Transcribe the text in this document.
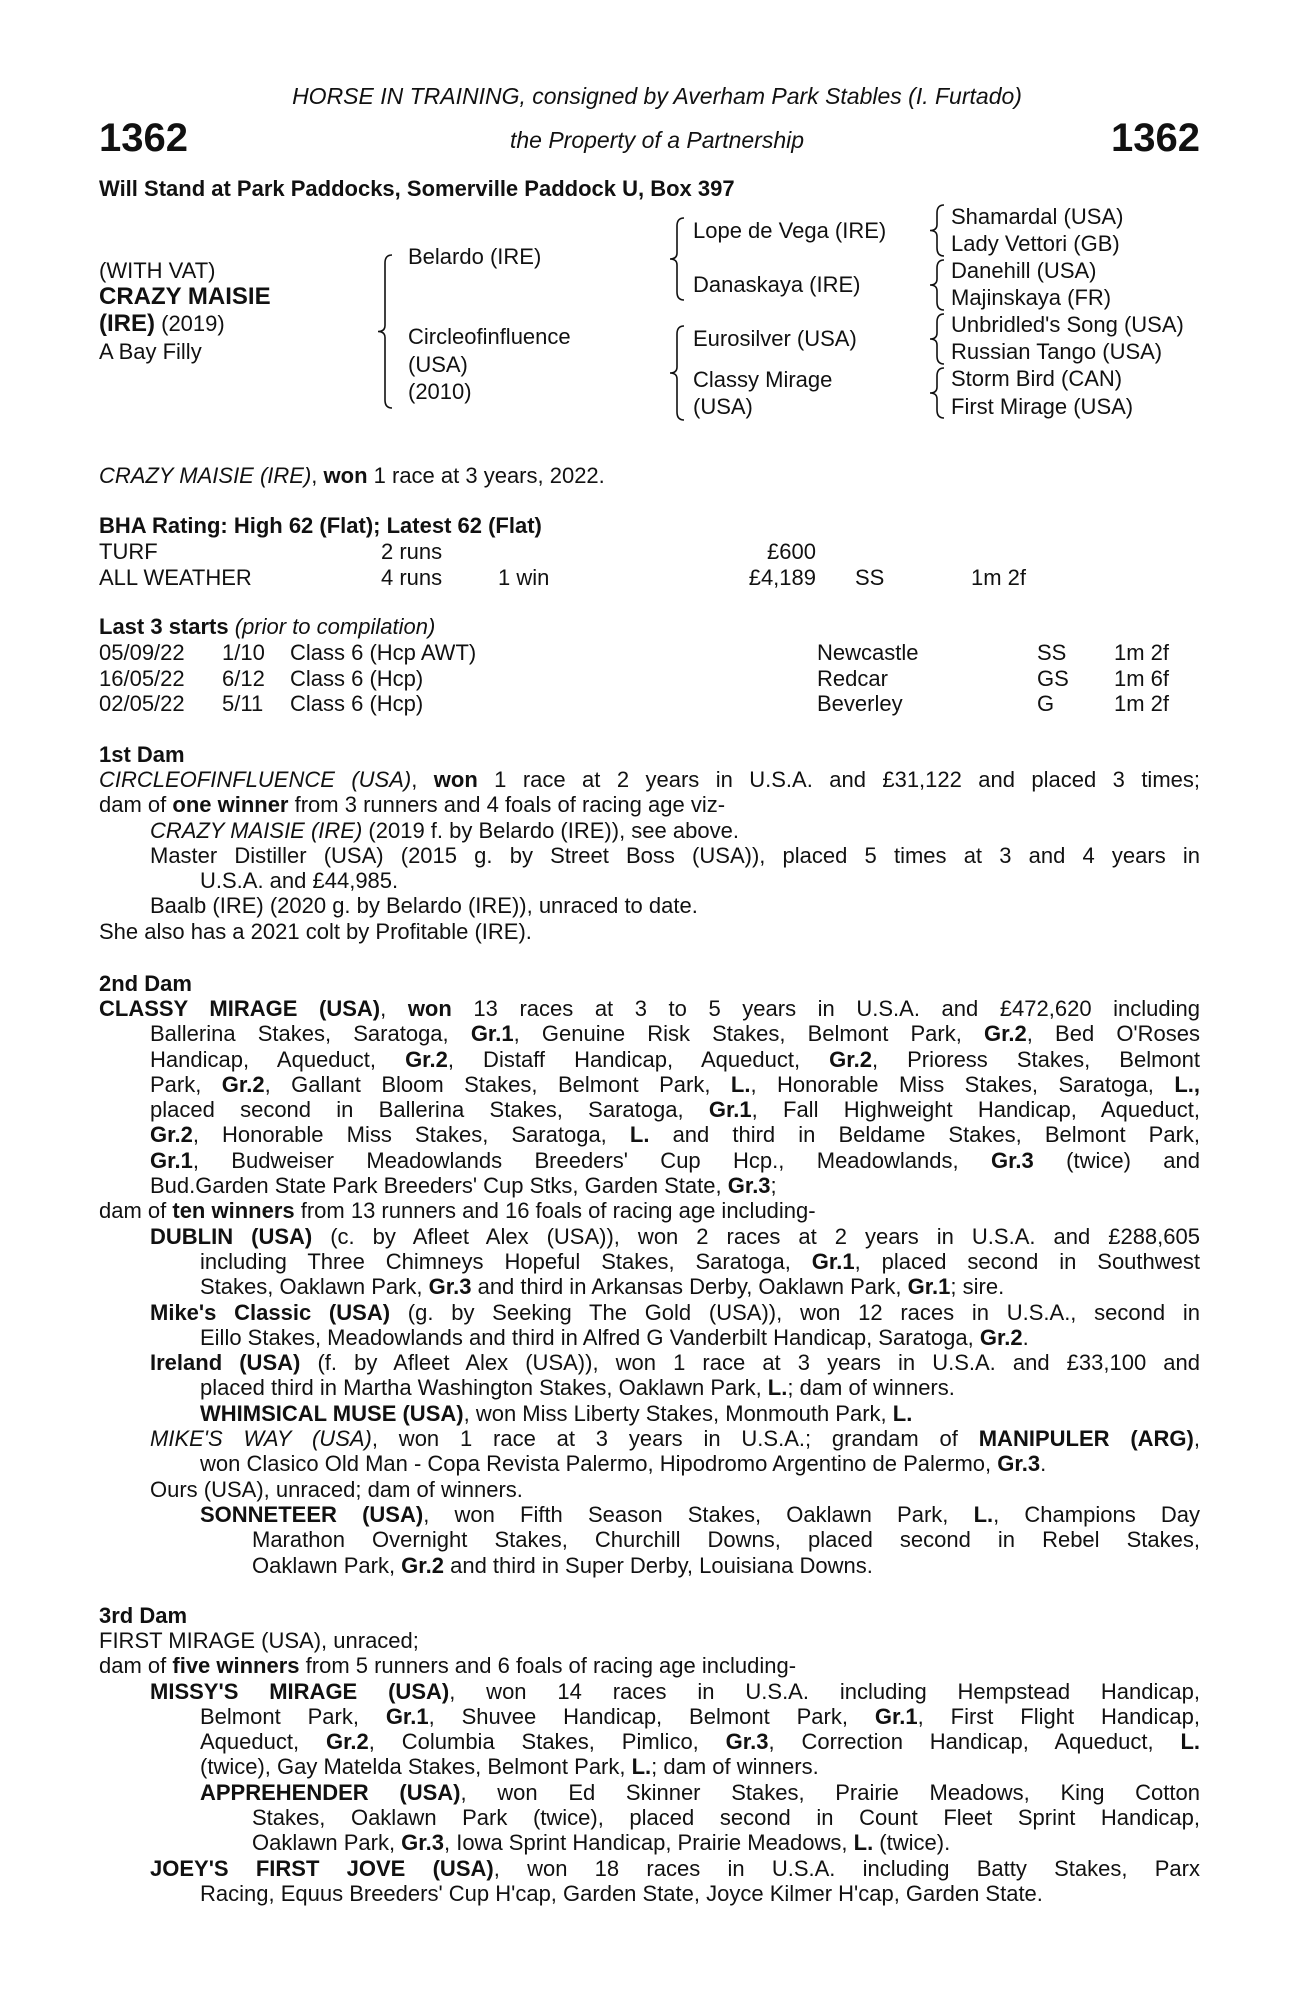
HORSE IN TRAINING, consigned by Averham Park Stables (I. Furtado)
1362	the Property of a Partnership	1362
Will Stand at Park Paddocks, Somerville Paddock U, Box 397
(WITH VAT)
CRAZY MAISIE
(IRE) (2019)
A Bay Filly
Belardo (IRE)
Circleofinfluence
(USA)
(2010)
Lope de Vega (IRE)
Danaskaya (IRE)
Eurosilver (USA)
Classy Mirage
(USA)
Shamardal (USA)
Lady Vettori (GB)
Danehill (USA)
Majinskaya (FR)
Unbridled's Song (USA)
Russian Tango (USA)
Storm Bird (CAN)
First Mirage (USA)
CRAZY MAISIE (IRE), won 1 race at 3 years, 2022.
BHA Rating: High 62 (Flat); Latest 62 (Flat)
TURF	2 runs	£600
ALL WEATHER	4 runs	1 win	£4,189 SS	1m 2f
Last 3 starts (prior to compilation)
05/09/22 1/10 Class 6 (Hcp AWT)	Newcastle	SS 1m 2f
16/05/22 6/12 Class 6 (Hcp)	Redcar	GS 1m 6f
02/05/22 5/11 Class 6 (Hcp)	Beverley	G	1m 2f
1st Dam
CIRCLEOFINFLUENCE (USA), won 1 race at 2 years in U.S.A. and £31,122 and placed 3 times;
dam of one winner from 3 runners and 4 foals of racing age viz-
CRAZY MAISIE (IRE) (2019 f. by Belardo (IRE)), see above.
Master Distiller (USA) (2015 g. by Street Boss (USA)), placed 5 times at 3 and 4 years in
U.S.A. and £44,985.
Baalb (IRE) (2020 g. by Belardo (IRE)), unraced to date.
She also has a 2021 colt by Profitable (IRE).
2nd Dam
CLASSY MIRAGE (USA), won 13 races at 3 to 5 years in U.S.A. and £472,620 including
Ballerina Stakes, Saratoga, Gr.1, Genuine Risk Stakes, Belmont Park, Gr.2, Bed O'Roses
Handicap, Aqueduct, Gr.2, Distaff Handicap, Aqueduct, Gr.2, Prioress Stakes, Belmont
Park, Gr.2, Gallant Bloom Stakes, Belmont Park, L., Honorable Miss Stakes, Saratoga, L.,
placed second in Ballerina Stakes, Saratoga, Gr.1, Fall Highweight Handicap, Aqueduct,
Gr.2, Honorable Miss Stakes, Saratoga, L. and third in Beldame Stakes, Belmont Park,
Gr.1, Budweiser Meadowlands Breeders' Cup Hcp., Meadowlands, Gr.3 (twice) and
Bud.Garden State Park Breeders' Cup Stks, Garden State, Gr.3;
dam of ten winners from 13 runners and 16 foals of racing age including-
DUBLIN (USA) (c. by Afleet Alex (USA)), won 2 races at 2 years in U.S.A. and £288,605
including Three Chimneys Hopeful Stakes, Saratoga, Gr.1, placed second in Southwest
Stakes, Oaklawn Park, Gr.3 and third in Arkansas Derby, Oaklawn Park, Gr.1; sire.
Mike's Classic (USA) (g. by Seeking The Gold (USA)), won 12 races in U.S.A., second in
Eillo Stakes, Meadowlands and third in Alfred G Vanderbilt Handicap, Saratoga, Gr.2.
Ireland (USA) (f. by Afleet Alex (USA)), won 1 race at 3 years in U.S.A. and £33,100 and
placed third in Martha Washington Stakes, Oaklawn Park, L.; dam of winners.
WHIMSICAL MUSE (USA), won Miss Liberty Stakes, Monmouth Park, L.
MIKE'S WAY (USA), won 1 race at 3 years in U.S.A.; grandam of MANIPULER (ARG),
won Clasico Old Man - Copa Revista Palermo, Hipodromo Argentino de Palermo, Gr.3.
Ours (USA), unraced; dam of winners.
SONNETEER (USA), won Fifth Season Stakes, Oaklawn Park, L., Champions Day
Marathon Overnight Stakes, Churchill Downs, placed second in Rebel Stakes,
Oaklawn Park, Gr.2 and third in Super Derby, Louisiana Downs.
3rd Dam
FIRST MIRAGE (USA), unraced;
dam of five winners from 5 runners and 6 foals of racing age including-
MISSY'S MIRAGE (USA), won 14 races in U.S.A. including Hempstead Handicap,
Belmont Park, Gr.1, Shuvee Handicap, Belmont Park, Gr.1, First Flight Handicap,
Aqueduct, Gr.2, Columbia Stakes, Pimlico, Gr.3, Correction Handicap, Aqueduct, L.
(twice), Gay Matelda Stakes, Belmont Park, L.; dam of winners.
APPREHENDER (USA), won Ed Skinner Stakes, Prairie Meadows, King Cotton
Stakes, Oaklawn Park (twice), placed second in Count Fleet Sprint Handicap,
Oaklawn Park, Gr.3, Iowa Sprint Handicap, Prairie Meadows, L. (twice).
JOEY'S FIRST JOVE (USA), won 18 races in U.S.A. including Batty Stakes, Parx
Racing, Equus Breeders' Cup H'cap, Garden State, Joyce Kilmer H'cap, Garden State.
